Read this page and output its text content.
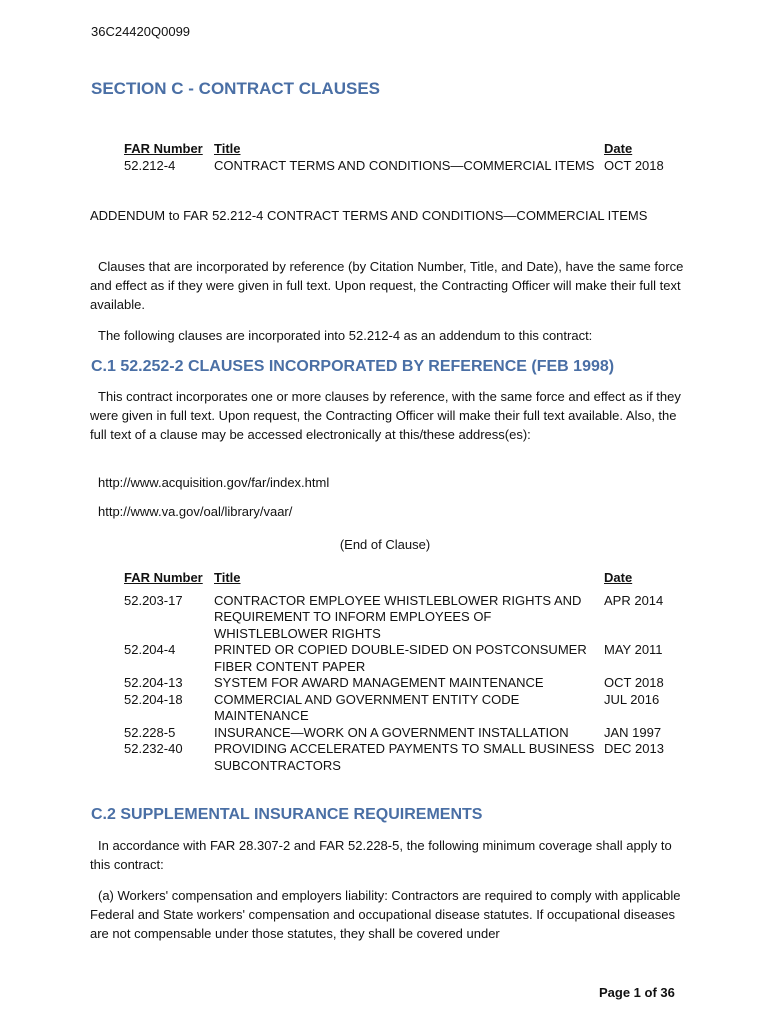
36C24420Q0099
SECTION C - CONTRACT CLAUSES
FAR Number	Title	Date
52.212-4	CONTRACT TERMS AND CONDITIONS—COMMERCIAL ITEMS	OCT 2018

ADDENDUM to FAR 52.212-4 CONTRACT TERMS AND CONDITIONS—COMMERCIAL ITEMS

Clauses that are incorporated by reference (by Citation Number, Title, and Date), have the same force and effect as if they were given in full text. Upon request, the Contracting Officer will make their full text available.

The following clauses are incorporated into 52.212-4 as an addendum to this contract:

C.1 52.252-2 CLAUSES INCORPORATED BY REFERENCE (FEB 1998)

This contract incorporates one or more clauses by reference, with the same force and effect as if they were given in full text. Upon request, the Contracting Officer will make their full text available. Also, the full text of a clause may be accessed electronically at this/these address(es):

http://www.acquisition.gov/far/index.html
http://www.va.gov/oal/library/vaar/
(End of Clause)
FAR Number	Title	Date
52.203-17	CONTRACTOR EMPLOYEE WHISTLEBLOWER RIGHTS AND REQUIREMENT TO INFORM EMPLOYEES OF WHISTLEBLOWER RIGHTS	APR 2014
52.204-4	PRINTED OR COPIED DOUBLE-SIDED ON POSTCONSUMER FIBER CONTENT PAPER	MAY 2011
52.204-13	SYSTEM FOR AWARD MANAGEMENT MAINTENANCE	OCT 2018
52.204-18	COMMERCIAL AND GOVERNMENT ENTITY CODE MAINTENANCE	JUL 2016
52.228-5	INSURANCE—WORK ON A GOVERNMENT INSTALLATION	JAN 1997
52.232-40	PROVIDING ACCELERATED PAYMENTS TO SMALL BUSINESS SUBCONTRACTORS	DEC 2013
C.2 SUPPLEMENTAL INSURANCE REQUIREMENTS

In accordance with FAR 28.307-2 and FAR 52.228-5, the following minimum coverage shall apply to this contract:

(a) Workers' compensation and employers liability: Contractors are required to comply with applicable Federal and State workers' compensation and occupational disease statutes. If occupational diseases are not compensable under those statutes, they shall be covered under

Page 1 of 36
